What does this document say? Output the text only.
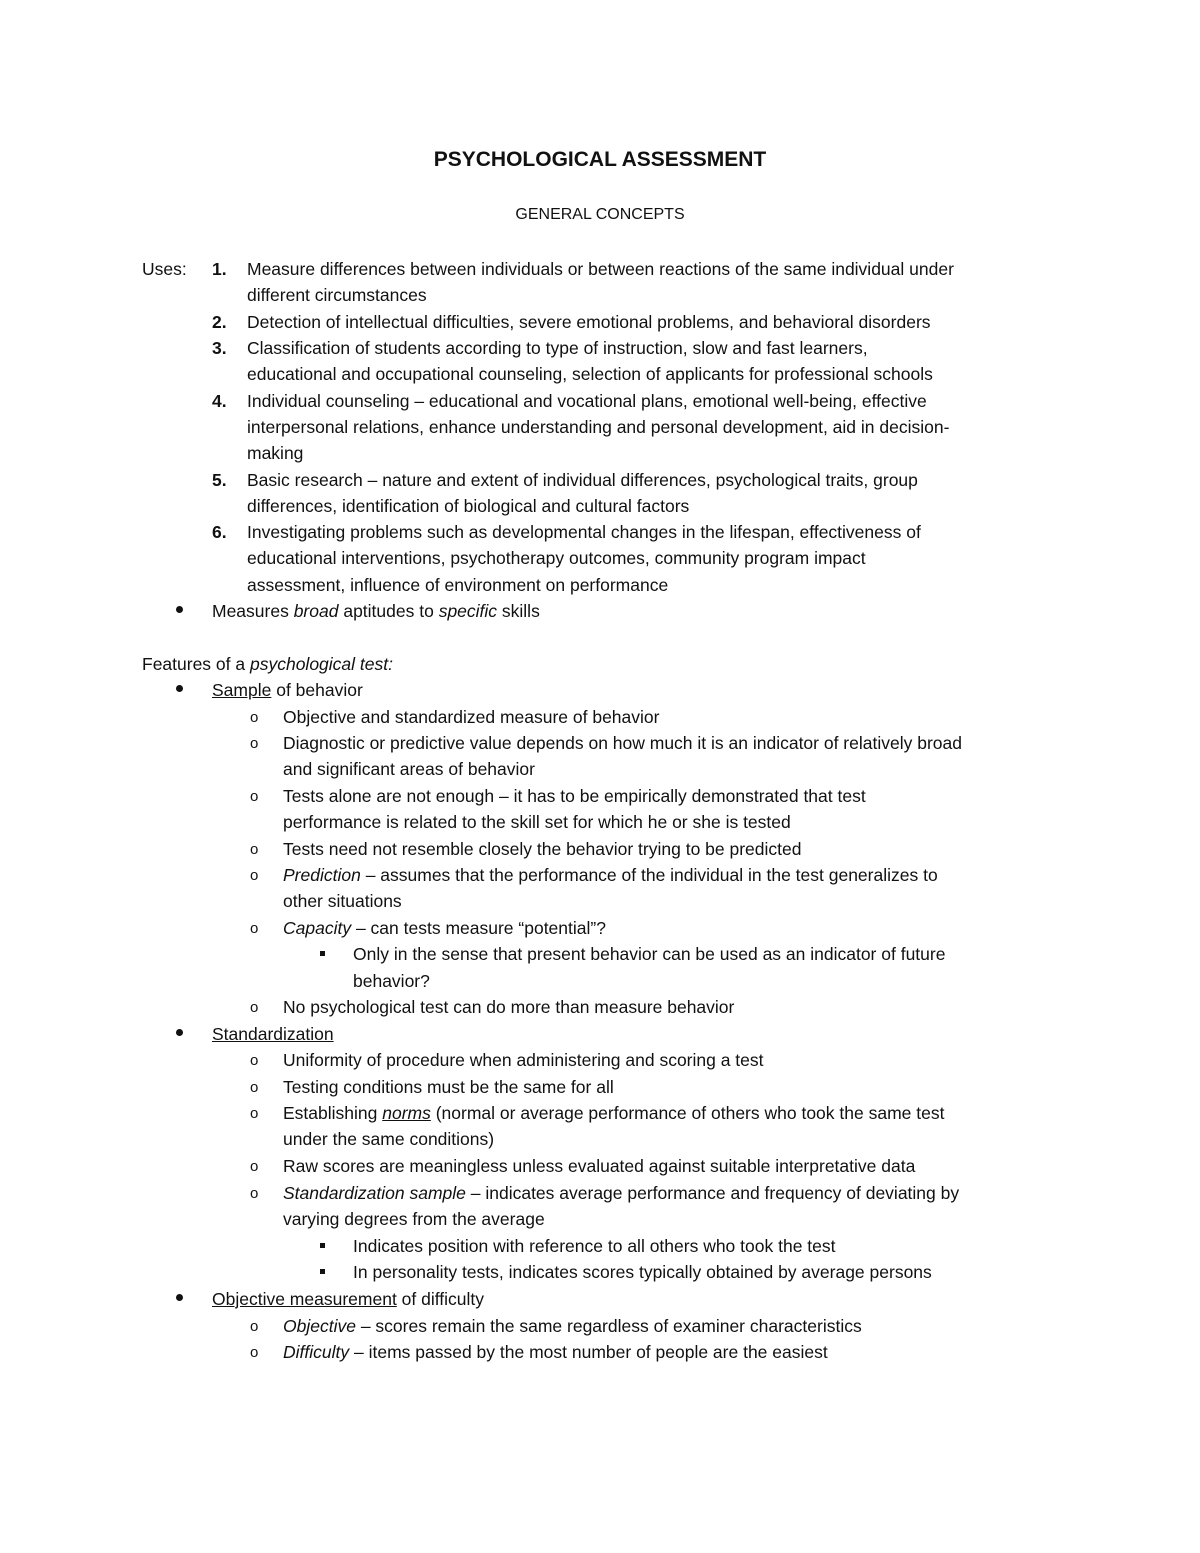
PSYCHOLOGICAL ASSESSMENT
GENERAL CONCEPTS
Uses: 1. Measure differences between individuals or between reactions of the same individual under
different circumstances
2. Detection of intellectual difficulties, severe emotional problems, and behavioral disorders
3. Classification of students according to type of instruction, slow and fast learners,
educational and occupational counseling, selection of applicants for professional schools
4. Individual counseling – educational and vocational plans, emotional well-being, effective
interpersonal relations, enhance understanding and personal development, aid in decision-
making
5. Basic research – nature and extent of individual differences, psychological traits, group
differences, identification of biological and cultural factors
6. Investigating problems such as developmental changes in the lifespan, effectiveness of
educational interventions, psychotherapy outcomes, community program impact
assessment, influence of environment on performance
Measures broad aptitudes to specific skills
Features of a psychological test:
Sample of behavior
o Objective and standardized measure of behavior
o Diagnostic or predictive value depends on how much it is an indicator of relatively broad
and significant areas of behavior
o Tests alone are not enough – it has to be empirically demonstrated that test
performance is related to the skill set for which he or she is tested
o Tests need not resemble closely the behavior trying to be predicted
o Prediction – assumes that the performance of the individual in the test generalizes to
other situations
o Capacity – can tests measure “potential”?
Only in the sense that present behavior can be used as an indicator of future
behavior?
o No psychological test can do more than measure behavior
Standardization
o Uniformity of procedure when administering and scoring a test
o Testing conditions must be the same for all
o Establishing norms (normal or average performance of others who took the same test
under the same conditions)
o Raw scores are meaningless unless evaluated against suitable interpretative data
o Standardization sample – indicates average performance and frequency of deviating by
varying degrees from the average
Indicates position with reference to all others who took the test
In personality tests, indicates scores typically obtained by average persons
Objective measurement of difficulty
o Objective – scores remain the same regardless of examiner characteristics
o Difficulty – items passed by the most number of people are the easiest
